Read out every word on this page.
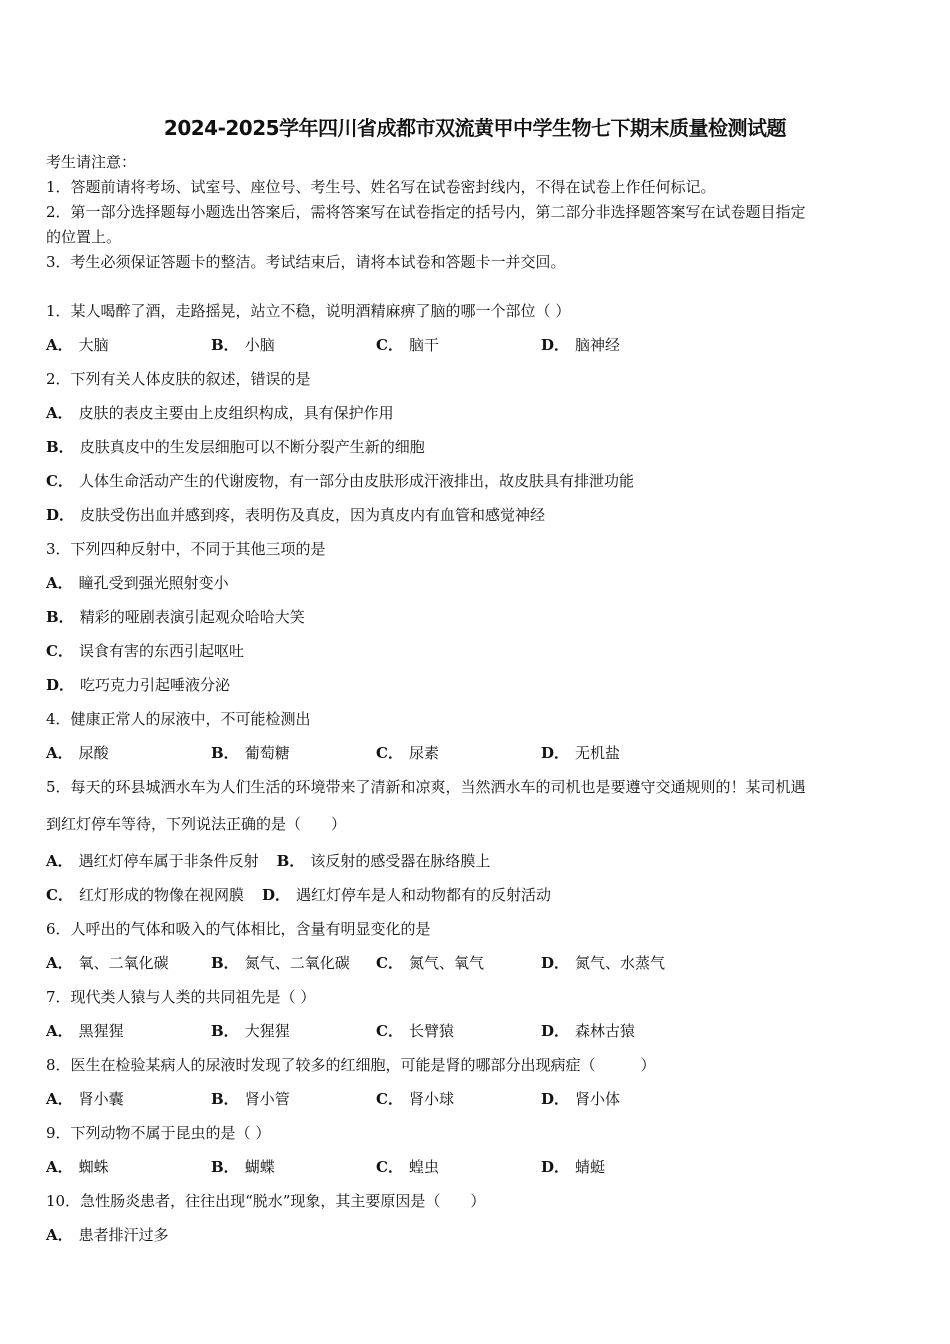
2024-2025学年四川省成都市双流黄甲中学生物七下期末质量检测试题
考生请注意：
1．答题前请将考场、试室号、座位号、考生号、姓名写在试卷密封线内，不得在试卷上作任何标记。
2．第一部分选择题每小题选出答案后，需将答案写在试卷指定的括号内，第二部分非选择题答案写在试卷题目指定
的位置上。
3．考生必须保证答题卡的整洁。考试结束后，请将本试卷和答题卡一并交回。
1．某人喝醉了酒，走路摇晃，站立不稳，说明酒精麻痹了脑的哪一个部位（ ）
A． 大脑	B． 小脑	C． 脑干	D． 脑神经
2．下列有关人体皮肤的叙述，错误的是
A． 皮肤的表皮主要由上皮组织构成，具有保护作用
B． 皮肤真皮中的生发层细胞可以不断分裂产生新的细胞
C． 人体生命活动产生的代谢废物，有一部分由皮肤形成汗液排出，故皮肤具有排泄功能
D． 皮肤受伤出血并感到疼，表明伤及真皮，因为真皮内有血管和感觉神经
3．下列四种反射中，不同于其他三项的是
A． 瞳孔受到强光照射变小
B． 精彩的哑剧表演引起观众哈哈大笑
C． 误食有害的东西引起呕吐
D． 吃巧克力引起唾液分泌
4．健康正常人的尿液中，不可能检测出
A． 尿酸	B． 葡萄糖	C． 尿素	D． 无机盐
5．每天的环县城洒水车为人们生活的环境带来了清新和凉爽，当然洒水车的司机也是要遵守交通规则的！某司机遇
到红灯停车等待，下列说法正确的是（　　）
A． 遇红灯停车属于非条件反射 B． 该反射的感受器在脉络膜上
C． 红灯形成的物像在视网膜 D． 遇红灯停车是人和动物都有的反射活动
6．人呼出的气体和吸入的气体相比，含量有明显变化的是
A． 氧、二氧化碳	B． 氮气、二氧化碳 C． 氮气、氧气	D． 氮气、水蒸气
7．现代类人猿与人类的共同祖先是（ ）
A． 黑猩猩	B． 大猩猩	C． 长臂猿	D． 森林古猿
8．医生在检验某病人的尿液时发现了较多的红细胞，可能是肾的哪部分出现病症（　　　）
A． 肾小囊	B． 肾小管	C． 肾小球	D． 肾小体
9．下列动物不属于昆虫的是（ ）
A． 蜘蛛	B． 蝴蝶	C． 蝗虫	D． 蜻蜓
10．急性肠炎患者，往往出现“脱水”现象，其主要原因是（　　）
A． 患者排汗过多
